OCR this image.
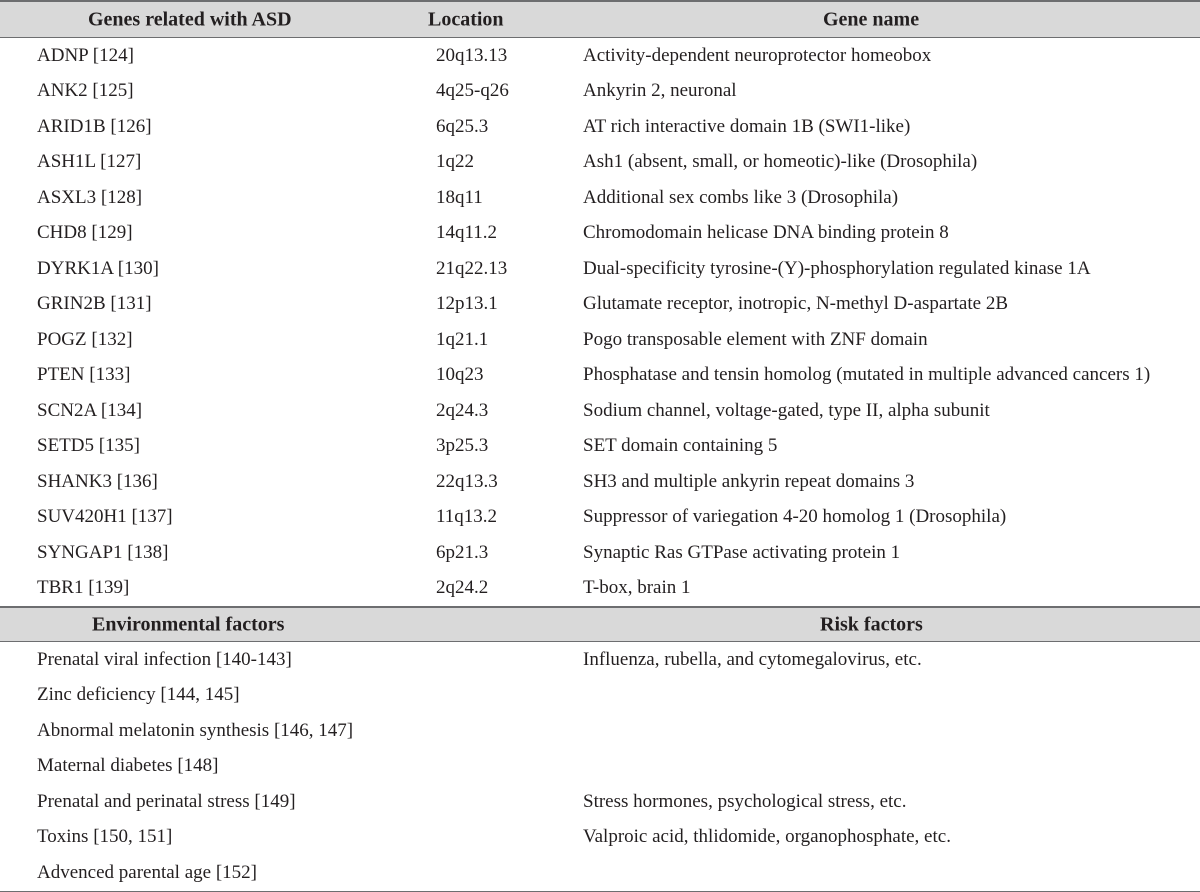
Genes related with ASD	Location	Gene name
ADNP [124]	20q13.13	Activity-dependent neuroprotector homeobox
ANK2 [125]	4q25-q26	Ankyrin 2, neuronal
ARID1B [126]	6q25.3	AT rich interactive domain 1B (SWI1-like)
ASH1L [127]	1q22	Ash1 (absent, small, or homeotic)-like (Drosophila)
ASXL3 [128]	18q11	Additional sex combs like 3 (Drosophila)
CHD8 [129]	14q11.2	Chromodomain helicase DNA binding protein 8
DYRK1A [130]	21q22.13	Dual-specificity tyrosine-(Y)-phosphorylation regulated kinase 1A
GRIN2B [131]	12p13.1	Glutamate receptor, inotropic, N-methyl D-aspartate 2B
POGZ [132]	1q21.1	Pogo transposable element with ZNF domain
PTEN [133]	10q23	Phosphatase and tensin homolog (mutated in multiple advanced cancers 1)
SCN2A [134]	2q24.3	Sodium channel, voltage-gated, type II, alpha subunit
SETD5 [135]	3p25.3	SET domain containing 5
SHANK3 [136]	22q13.3	SH3 and multiple ankyrin repeat domains 3
SUV420H1 [137]	11q13.2	Suppressor of variegation 4-20 homolog 1 (Drosophila)
SYNGAP1 [138]	6p21.3	Synaptic Ras GTPase activating protein 1
TBR1 [139]	2q24.2	T-box, brain 1
Environmental factors	Risk factors
Prenatal viral infection [140-143]	Influenza, rubella, and cytomegalovirus, etc.
Zinc deficiency [144, 145]
Abnormal melatonin synthesis [146, 147]
Maternal diabetes [148]
Prenatal and perinatal stress [149]	Stress hormones, psychological stress, etc.
Toxins [150, 151]	Valproic acid, thlidomide, organophosphate, etc.
Advenced parental age [152]
